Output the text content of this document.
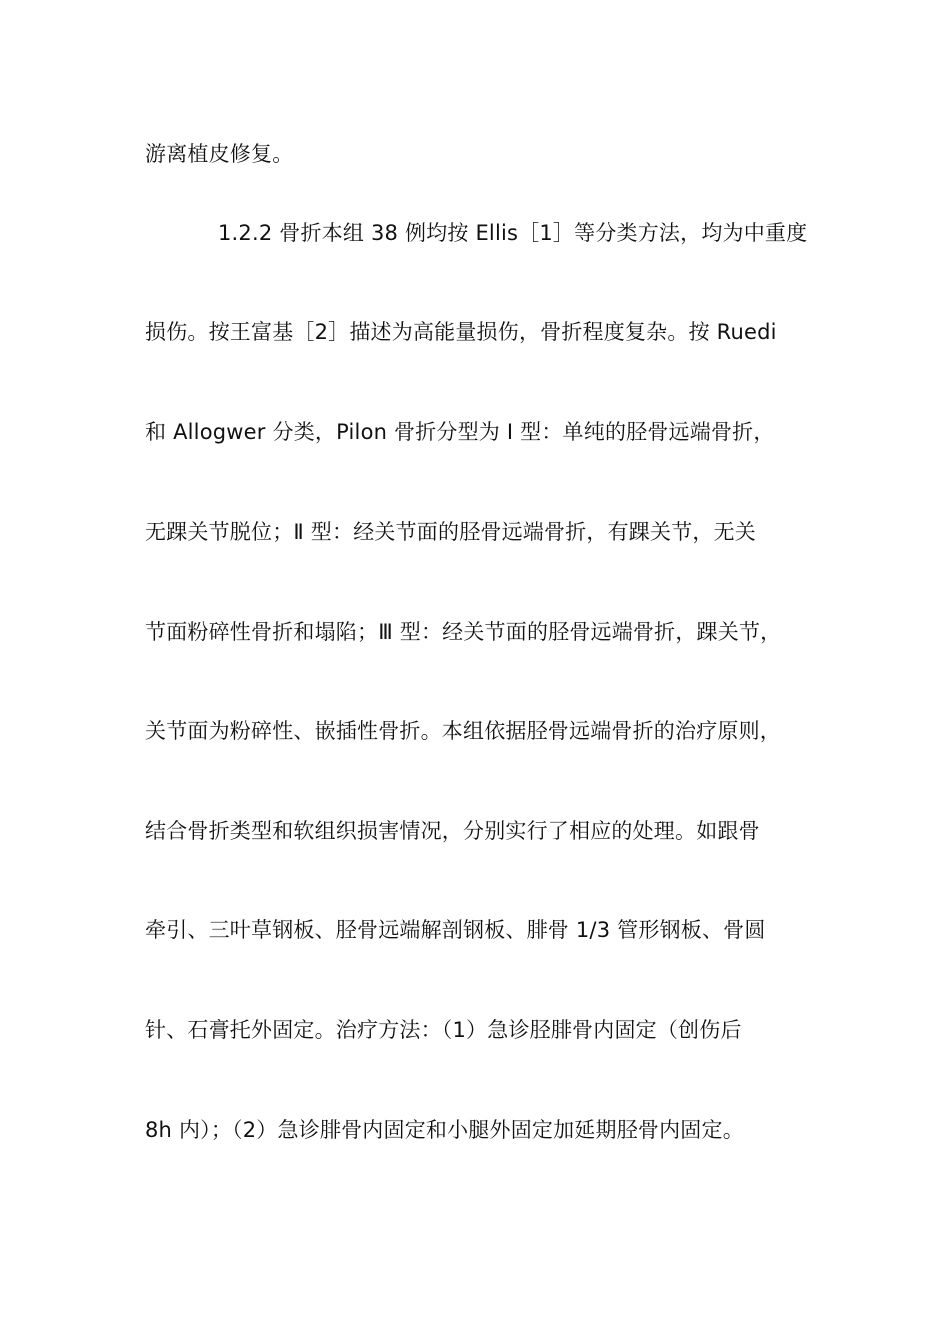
游离植皮修复。
1.2.2 骨折本组 38 例均按 Ellis［1］等分类方法，均为中重度
损伤。按王富基［2］描述为高能量损伤，骨折程度复杂。按 Ruedi
和 Allogwer 分类，Pilon 骨折分型为 Ⅰ 型：单纯的胫骨远端骨折，
无踝关节脱位；Ⅱ 型：经关节面的胫骨远端骨折，有踝关节，无关
节面粉碎性骨折和塌陷；Ⅲ 型：经关节面的胫骨远端骨折，踝关节，
关节面为粉碎性、嵌插性骨折。本组依据胫骨远端骨折的治疗原则，
结合骨折类型和软组织损害情况，分别实行了相应的处理。如跟骨
牵引、三叶草钢板、胫骨远端解剖钢板、腓骨 1/3 管形钢板、骨圆
针、石膏托外固定。治疗方法：（1）急诊胫腓骨内固定（创伤后
8h 内）；（2）急诊腓骨内固定和小腿外固定加延期胫骨内固定。
